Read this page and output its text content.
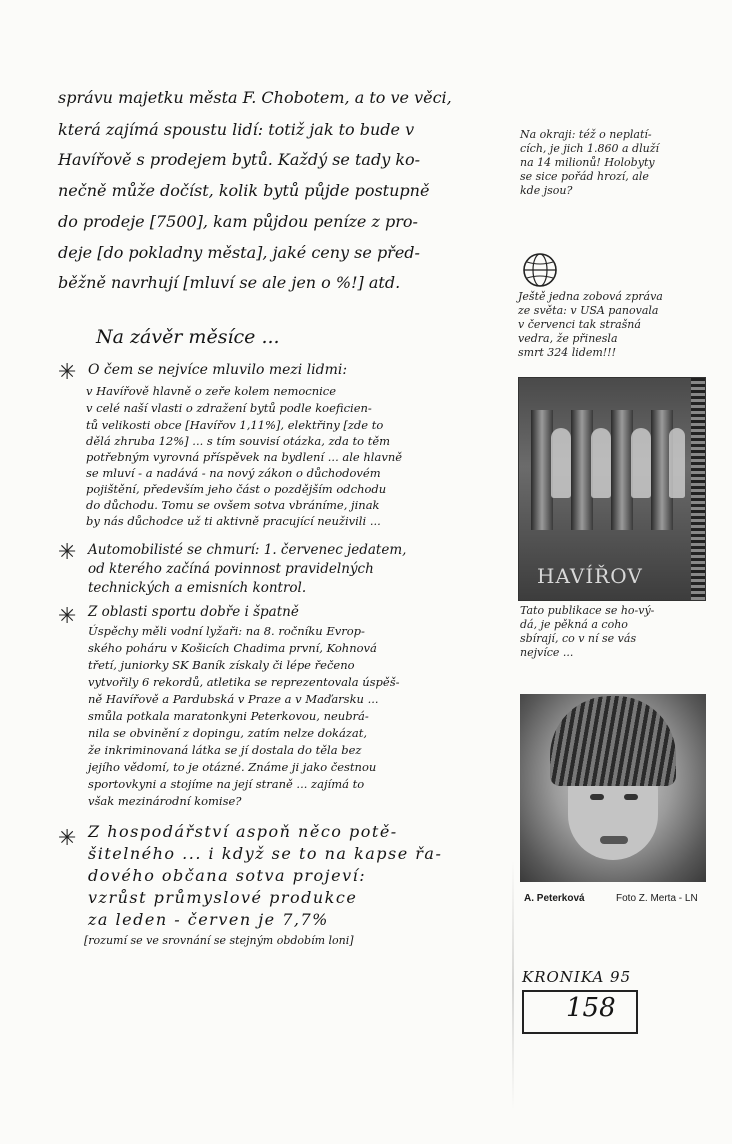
správu majetku města F. Chobotem, a to ve věci,
která zajímá spoustu lidí: totiž jak to bude v
Havířově s prodejem bytů. Každý se tady ko-
nečně může dočíst, kolik bytů půjde postupně
do prodeje [7500], kam půjdou peníze z pro-
deje [do pokladny města], jaké ceny se před-
běžně navrhují [mluví se ale jen o %!] atd.
Na závěr měsíce ...
✳ O čem se nejvíce mluvilo mezi lidmi:
v Havířově hlavně o zeře kolem nemocnice
v celé naší vlasti o zdražení bytů podle koeficien-
tů velikosti obce [Havířov 1,11%], elektřiny [zde to
dělá zhruba 12%] ... s tím souvisí otázka, zda to těm
potřebným vyrovná příspěvek na bydlení ... ale hlavně
se mluví - a nadává - na nový zákon o důchodovém
pojištění, především jeho část o pozdějším odchodu
do důchodu. Tomu se ovšem sotva vbráníme, jinak
by nás důchodce už ti aktivně pracující neuživili ...
✳ Automobilisté se chmurí: 1. červenec jedatem,
od kterého začíná povinnost pravidelných
technických a emisních kontrol.
✳ Z oblasti sportu dobře i špatně
Úspěchy měli vodní lyžaři: na 8. ročníku Evrop-
ského poháru v Košicích Chadima první, Kohnová
třetí, juniorky SK Baník získaly či lépe řečeno
vytvořily 6 rekordů, atletika se reprezentovala úspěš-
ně Havířově a Pardubská v Praze a v Maďarsku ...
smůla potkala maratonkyni Peterkovou, neubrá-
nila se obvinění z dopingu, zatím nelze dokázat,
že inkriminovaná látka se jí dostala do těla bez
jejího vědomí, to je otázné. Známe ji jako čestnou
sportovkyni a stojíme na její straně ... zajímá to
však mezinárodní komise?
✳ Z hospodářství aspoň něco potě-
šitelného ... i když se to na kapse řa-
dového občana sotva projeví:
vzrůst průmyslové produkce
za leden - červen je 7,7%
[rozumí se ve srovnání se stejným obdobím loni]
Na okraji: též o neplatí-
cích, je jich 1.860 a dluží
na 14 milionů! Holobyty
se sice pořád hrozí, ale
kde jsou?
Ještě jedna zobová zpráva
ze světa: v USA panovala
v červenci tak strašná
vedra, že přinesla
smrt 324 lidem!!!
HAVÍŘOV
Tato publikace se ho-vý-
dá, je pěkná a coho
sbírají, co v ní se vás
nejvíce ...
A. Peterková	Foto Z. Merta - LN
KRONIKA 95
158
